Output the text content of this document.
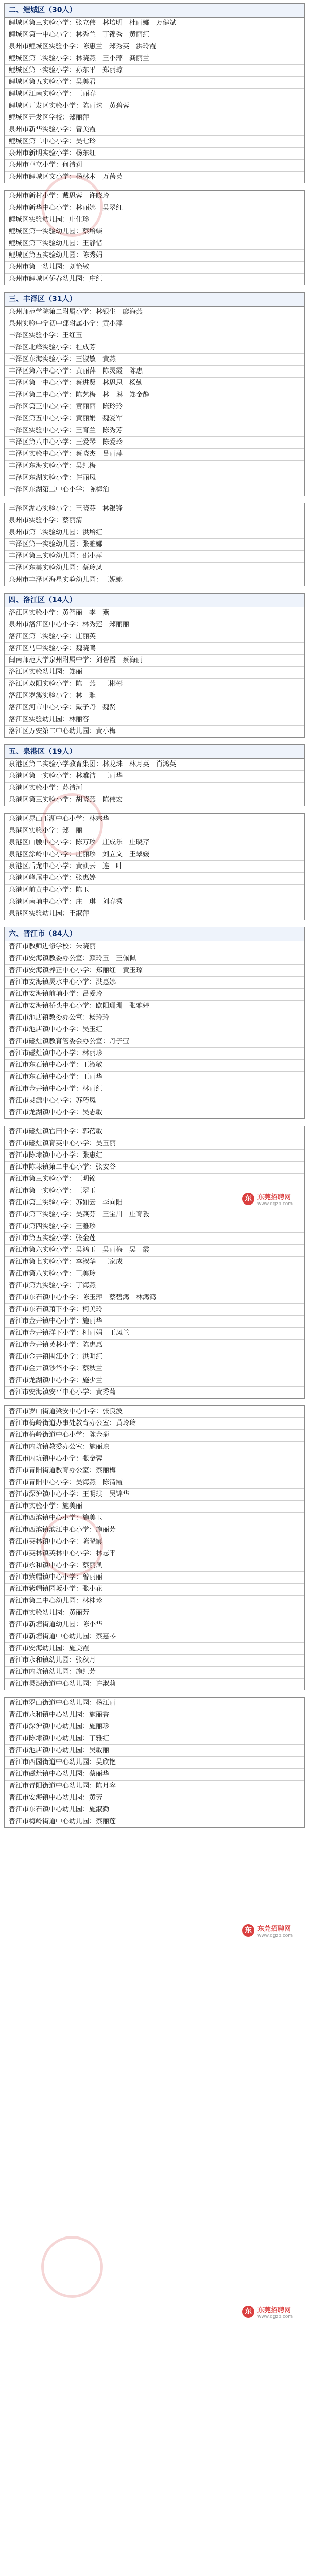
二、鲤城区（30人）
鲤城区第三实验小学：张立伟　林培明　杜丽娜　万健斌
鲤城区第一中心小学：林秀兰　丁锦秀　黄丽红
泉州市鲤城区实验小学：陈惠兰　郑秀英　洪玲霞
鲤城区第二实验小学：林晓燕　王小萍　龚丽兰
鲤城区第三实验小学：孙东平　郑丽琼
鲤城区第五实验小学：吴美君
鲤城区江南实验小学：王丽春
鲤城区开发区实验小学：陈丽珠　黄碧蓉
鲤城区开发区学校：郑丽萍
泉州市新华实验小学：曾美霞
鲤城区第二中心小学：吴七玲
泉州市新明实验小学：杨东红
泉州市卓立小学：何清莉
泉州市鲤城区文小学：杨林木　万蓓英
泉州市新村小学：戴思蓉　许晓玲
泉州市新华中心小学：林丽娜　吴翠红
鲤城区实验幼儿园：庄仕珍
鲤城区第一实验幼儿园：蔡培蝶
鲤城区第三实验幼儿园：王静惜
鲤城区第五实验幼儿园：陈秀娟
泉州市第一幼儿园：刘艳敏
泉州市鲤城区侨春幼儿园：庄红
三、丰泽区（31人）
泉州师范学院第二附属小学：林银生　廖海燕
泉州实验中学初中部附属小学：黄小萍
丰泽区实验小学：王红玉
丰泽区北峰实验小学：杜成芳
丰泽区东海实验小学：王淑敏　黄燕
丰泽区第六中心小学：黄丽萍　陈灵霞　陈惠
丰泽区第一中心小学：蔡进贤　林思思　杨勤
丰泽区第二中心小学：陈艺梅　林　琳　郑金静
丰泽区第三中心小学：黄丽丽　陈玲玲
丰泽区第五中心小学：黄丽娟　魏爱军
丰泽区实验中心小学：王育兰　陈秀芳
丰泽区第八中心小学：王爱琴　陈爱玲
丰泽区实验中心小学：蔡晓杰　吕丽萍
丰泽区东海实验小学：吴红梅
丰泽区东湖实验小学：许丽凤
丰泽区东湖第二中心小学：陈梅治
丰泽区湖心实验小学：王晓芬　林银锋
泉州市实验小学：蔡丽清
泉州市第二实验幼儿园：洪培红
丰泽区第一实验幼儿园：张雅娜
丰泽区第三实验幼儿园：邵小萍
丰泽区东美实验幼儿园：蔡玲凤
泉州市丰泽区海星实验幼儿园：王妮娜
四、洛江区（14人）
洛江区实验小学：黄智丽　李　燕
泉州市洛江区中心小学：林秀莲　郑丽丽
洛江区第二实验小学：庄丽英
洛江区马甲实验小学：魏晓鸣
闽南师范大学泉州附属中学：刘碧霞　蔡海丽
洛江区实验幼儿园：郑丽
洛江区双阳实验小学：陈　燕　王彬彬
洛江区罗溪实验小学：林　雅
洛江区河市中心小学：戴子丹　魏贤
洛江区实验幼儿园：林丽容
洛江区万安第二中心幼儿园：黄小梅
五、泉港区（19人）
泉港区第二实验小学教育集团：林龙珠　林月英　肖鸿英
泉港区第一实验小学：林雅洁　王丽华
泉港区实验小学：苏清河
泉港区第三实验小学：胡晓燕　陈伟宏
泉港区界山玉湖中心小学：林宗华
泉港区实验小学：郑　丽
泉港区山腰中心小学：陈万珍　庄成乐　庄晓芹
泉港区涂岭中心小学：庄丽珍　刘立文　王翠媛
泉港区后龙中心小学：黄凯云　连　叶
泉港区峰尾中心小学：张惠婷
泉港区前黄中心小学：陈玉
泉港区南埔中心小学：庄　琪　刘春秀
泉港区实验幼儿园：王淑萍
六、晋江市（84人）
晋江市教师进修学校：朱晓丽
晋江市安海镇教委办公室：颜玲玉　王佩佩
晋江市安海镇养正中心小学：郑丽红　黄玉琼
晋江市安海镇灵水中心小学：洪惠娜
晋江市安海镇前埔小学：吕爱玲
晋江市安海镇桥头中心小学：欧阳珊珊　张雅婷
晋江市池店镇教委办公室：杨玲玲
晋江市池店镇中心小学：吴玉红
晋江市磁灶镇教育管委会办公室：丹子莹
晋江市磁灶镇中心小学：林丽珍
晋江市东石镇中心小学：王淑敏
晋江市东石镇中心小学：王丽华
晋江市金井镇中心小学：林丽红
晋江市灵源中心小学：苏巧凤
晋江市龙湖镇中心小学：吴志敏
晋江市磁灶镇官田小学：郭蓓敏
晋江市磁灶镇育英中心小学：吴玉丽
晋江市陈埭镇中心小学：张惠红
晋江市陈埭镇第二中心小学：张安谷
晋江市第三实验小学：王明锦
晋江市第一实验小学：王翠玉
晋江市第二实验小学：苏如云　李向阳
晋江市第三实验小学：吴燕芬　王宝川　庄育毅
晋江市第四实验小学：王雅珍
晋江市第五实验小学：张金莲
晋江市第六实验小学：吴鸿玉　吴丽梅　吴　霞
晋江市第七实验小学：李淑华　王家成
晋江市第八实验小学：王美玲
晋江市第九实验小学：丁海燕
晋江市东石镇中心小学：陈玉萍　蔡碧鸿　林鸿鸿
晋江市东石镇萧下小学：柯美玲
晋江市金井镇中心小学：施丽华
晋江市金井镇洋下小学：柯丽娟　王凤兰
晋江市金井镇英林小学：陈惠惠
晋江市金井镇围江小学：洪明红
晋江市金井镇钞岱小学：蔡秋兰
晋江市龙湖镇中心小学：施少兰
晋江市安海镇安平中心小学：黄秀菊
晋江市罗山街道梁安中心小学：张良波
晋江市梅岭街道办事处教育办公室：黄玲玲
晋江市梅岭街道中心小学：陈金菊
晋江市内坑镇教委办公室：施丽琼
晋江市内坑镇中心小学：张金蓉
晋江市青阳街道教育办公室：蔡丽梅
晋江市青阳中心小学：吴海燕　陈清霞
晋江市深沪镇中心小学：王明琪　吴锦华
晋江市实验小学：施美丽
晋江市西滨镇中心小学：施美玉
晋江市西滨镇滨江中心小学：施丽芳
晋江市英林镇中心小学：陈晓霞
晋江市英林镇英林中心小学：林志平
晋江市永和镇中心小学：蔡丽凤
晋江市紫帽镇中心小学：曾丽丽
晋江市紫帽镇园坂小学：张小花
晋江市第二中心幼儿园：林桂珍
晋江市实验幼儿园：黄丽芳
晋江市新塘街道幼儿园：陈小华
晋江市新塘街道中心幼儿园：蔡惠琴
晋江市安海幼儿园：施美霞
晋江市永和镇幼儿园：张秋月
晋江市内坑镇幼儿园：施红芳
晋江市灵源街道中心幼儿园：许淑莉
晋江市罗山街道中心幼儿园：杨江丽
晋江市永和镇中心幼儿园：施丽香
晋江市深沪镇中心幼儿园：施丽珍
晋江市陈埭镇中心幼儿园：丁雅红
晋江市池店镇中心幼儿园：吴敏丽
晋江市西园街道中心幼儿园：吴欣艳
晋江市磁灶镇中心幼儿园：蔡丽华
晋江市青阳街道中心幼儿园：陈月容
晋江市安海镇中心幼儿园：黄芳
晋江市东石镇中心幼儿园：施淑勤
晋江市梅岭街道中心幼儿园：蔡丽莲
东 东莞招聘网
www.dgzp.com
东 东莞招聘网
www.dgzp.com
东 东莞招聘网
www.dgzp.com
